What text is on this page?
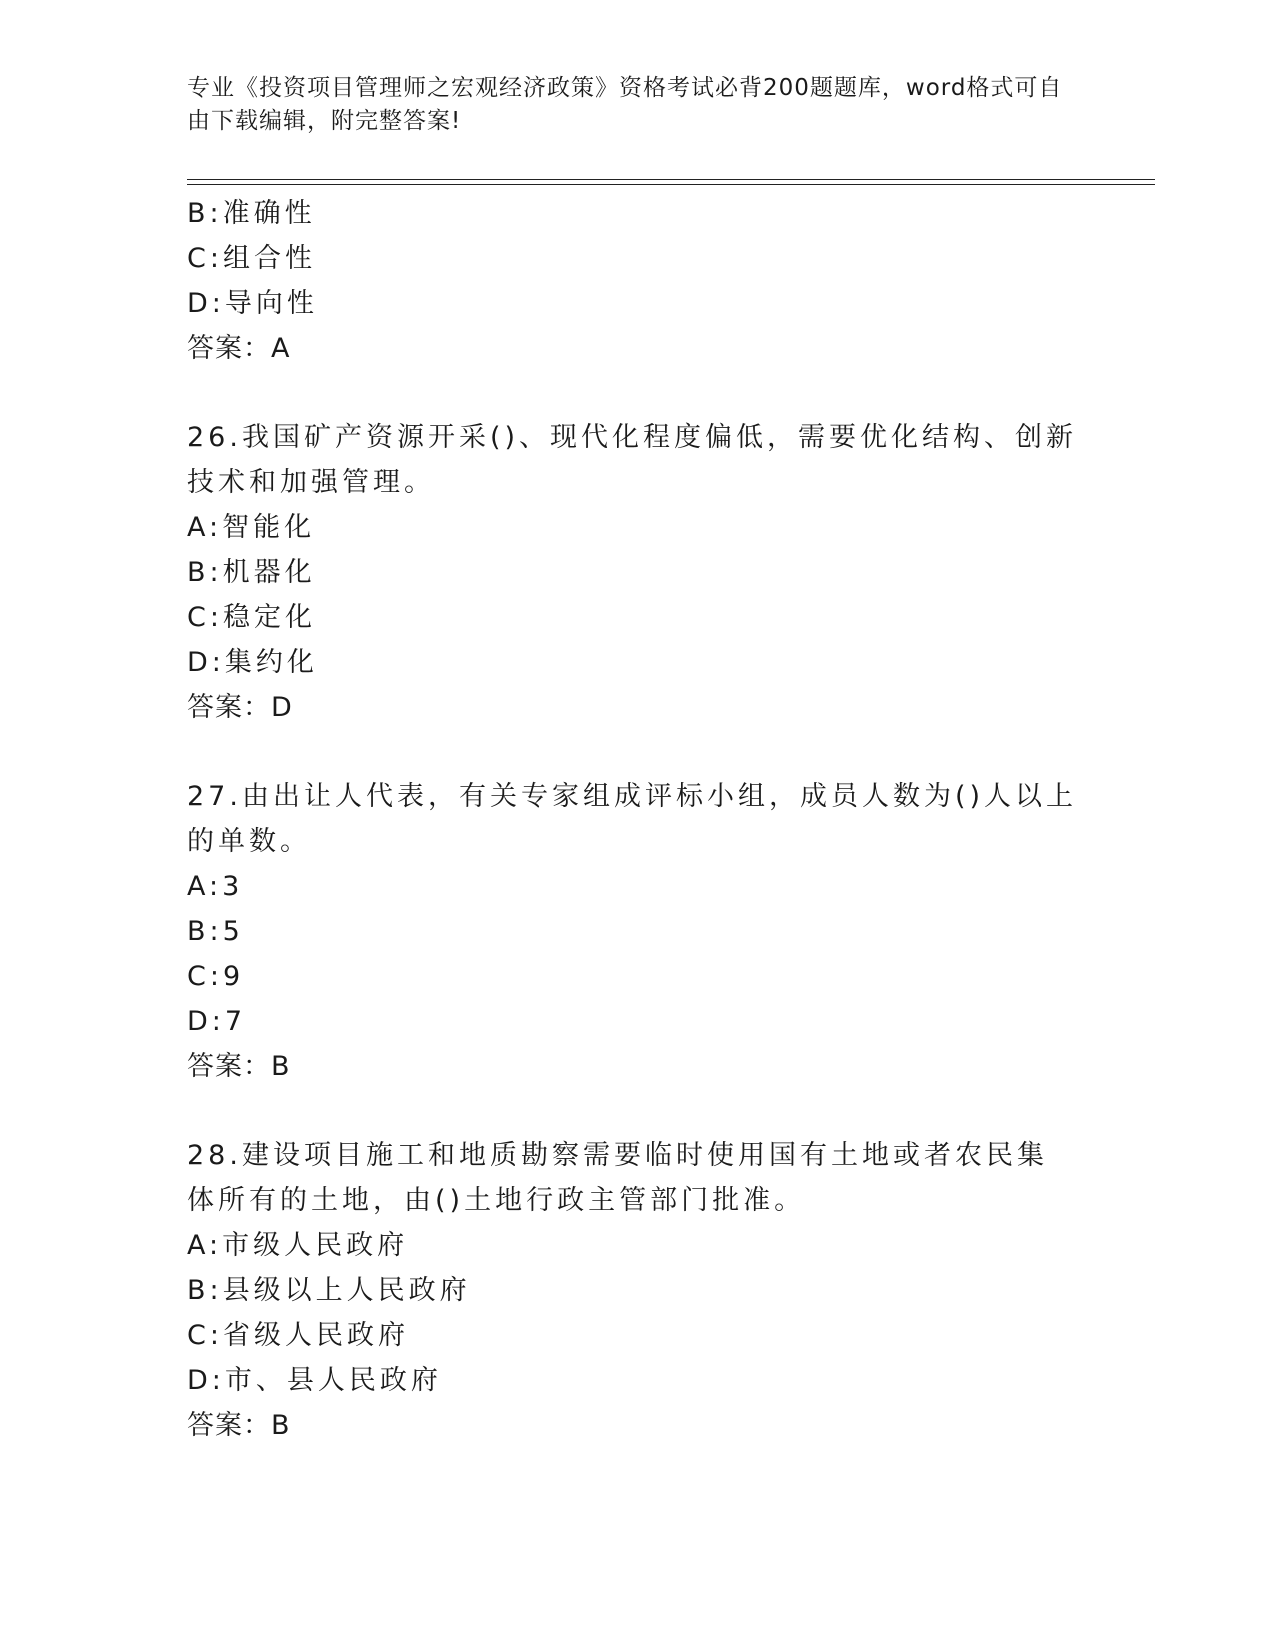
专业《投资项目管理师之宏观经济政策》资格考试必背200题题库，word格式可自由下载编辑，附完整答案!
B:准确性
C:组合性
D:导向性
答案：A
26.我国矿产资源开采()、现代化程度偏低，需要优化结构、创新技术和加强管理。
A:智能化
B:机器化
C:稳定化
D:集约化
答案：D
27.由出让人代表，有关专家组成评标小组，成员人数为()人以上的单数。
A:3
B:5
C:9
D:7
答案：B
28.建设项目施工和地质勘察需要临时使用国有土地或者农民集体所有的土地，由()土地行政主管部门批准。
A:市级人民政府
B:县级以上人民政府
C:省级人民政府
D:市、县人民政府
答案：B
